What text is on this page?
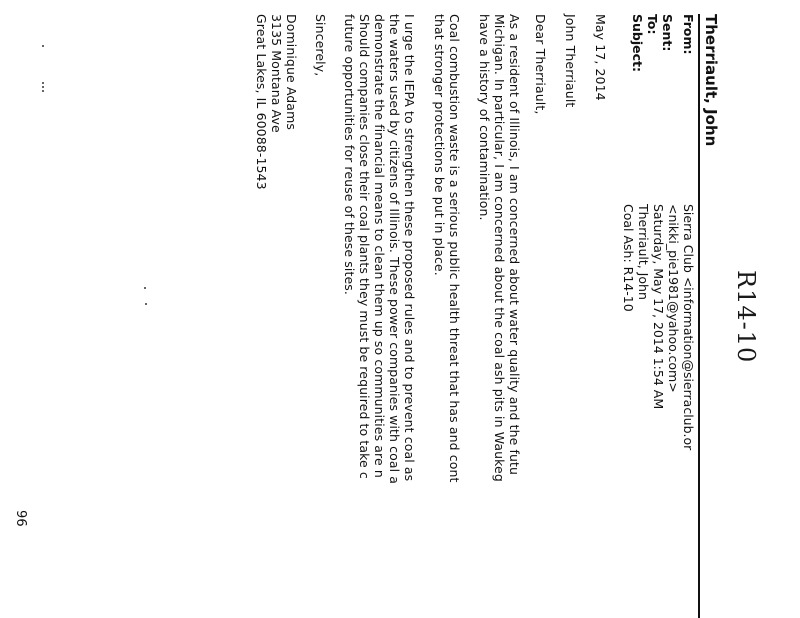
R14-10
Therriault, John
From:
Sierra Club <information@sierraclub.or
Sent:
<nikki_pie1981@yahoo.com>
Saturday, May 17, 2014 1:54 AM
To:
Therriault, John
Subject:
Coal Ash: R14-10
May 17, 2014
John Therriault
Dear Therriault,
As a resident of Illinois, I am concerned about water quality and the futu
Michigan. In particular, I am concerned about the coal ash pits in Waukeg
have a history of contamination.
Coal combustion waste is a serious public health threat that has and cont
that stronger protections be put in place.
I urge the IEPA to strengthen these proposed rules and to prevent coal as
the waters used by citizens of Illinois. These power companies with coal a
demonstrate the financial means to clean them up so communities are n
Should companies close their coal plants they must be required to take c
future opportunities for reuse of these sites.
Sincerely,
Dominique Adams
3135 Montana Ave
Great Lakes, IL 60088-1543
96
